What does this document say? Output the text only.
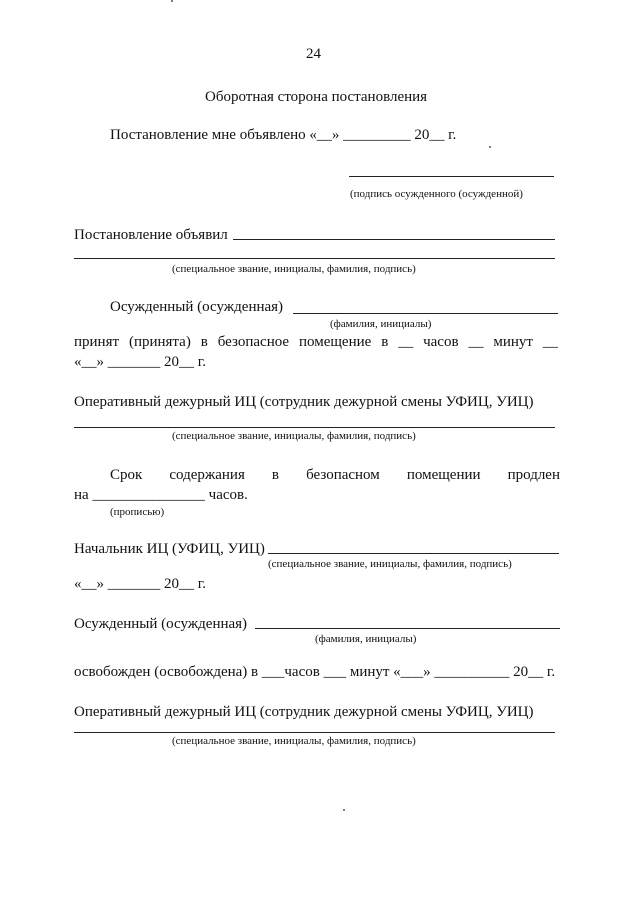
24
Оборотная сторона постановления
Постановление мне объявлено «__» _________ 20__ г.
(подпись осужденного (осужденной)
Постановление объявил
(специальное звание, инициалы, фамилия, подпись)
Осужденный (осужденная)
(фамилия, инициалы)
принят (принята) в безопасное помещение в __ часов __ минут __
«__» _______ 20__ г.
Оперативный дежурный ИЦ (сотрудник дежурной смены УФИЦ, УИЦ)
(специальное звание, инициалы, фамилия, подпись)
Срок содержания в безопасном помещении продлен
на _______________ часов.
(прописью)
Начальник ИЦ (УФИЦ, УИЦ)
(специальное звание, инициалы, фамилия, подпись)
«__» _______ 20__ г.
Осужденный (осужденная)
(фамилия, инициалы)
освобожден (освобождена) в ___часов ___ минут «___» __________ 20__ г.
Оперативный дежурный ИЦ (сотрудник дежурной смены УФИЦ, УИЦ)
(специальное звание, инициалы, фамилия, подпись)
